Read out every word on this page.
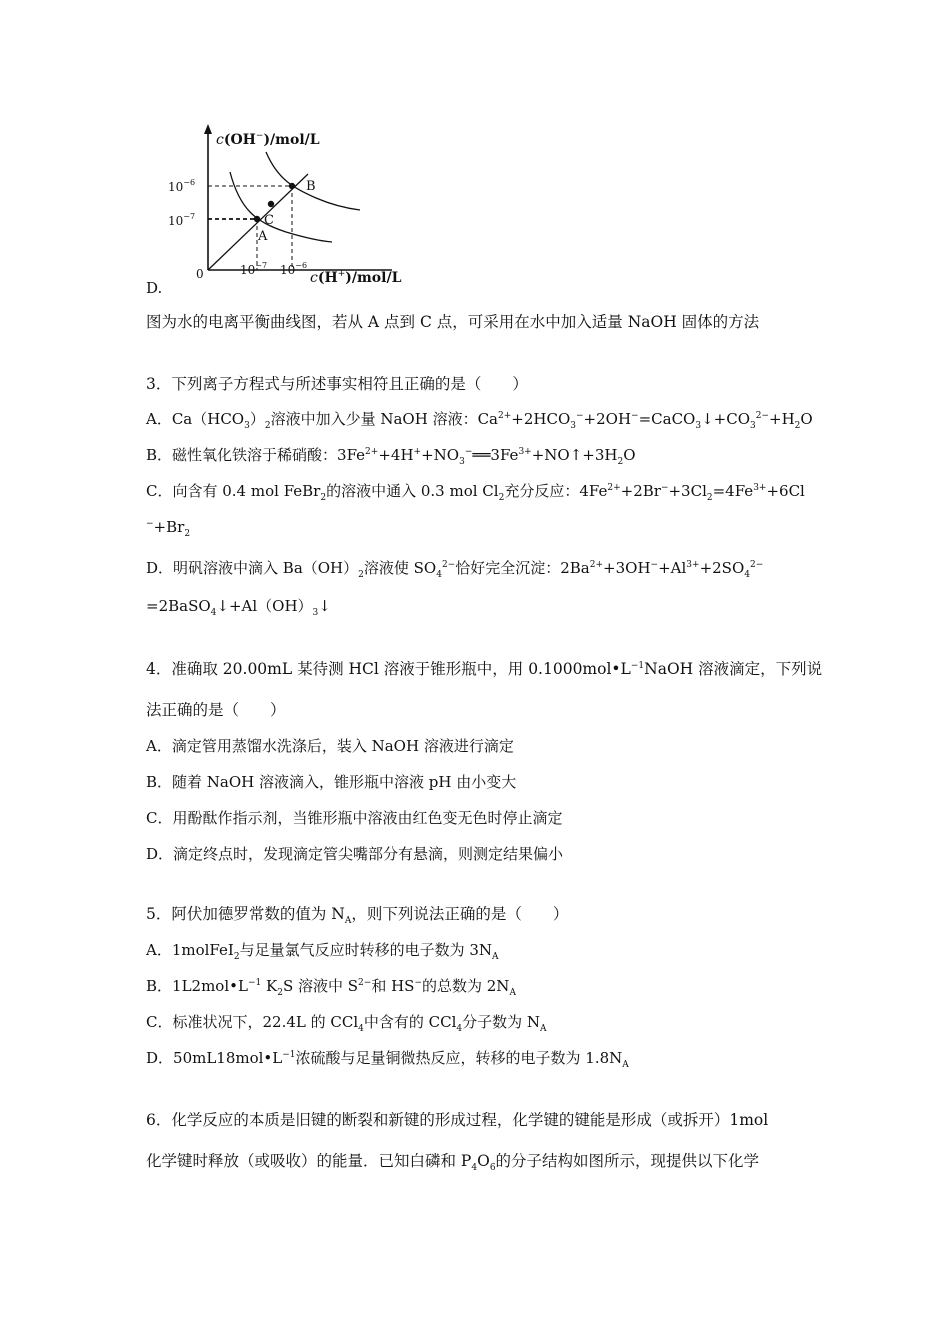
c(OH−)/mol/L
$10^{-6}$
$10^{-7}$
0	$10^{-7}$ $10^{-6}$
c(H+)/mol/L
A
B
C
D.
图为水的电离平衡曲线图，若从 A 点到 C 点，可采用在水中加入适量 NaOH 固体的方法
3．下列离子方程式与所述事实相符且正确的是（　　）
A．$Ca(HCO_3)_2$溶液中加入少量 NaOH 溶液：$Ca^{2+}+2HCO_3^-+2OH^-=CaCO_3↓+CO_3^{2-}+H_2O$
B．磁性氧化铁溶于稀硝酸：$3Fe^{2+}+4H^++NO_3^-══3Fe^{3+}+NO↑+3H_2O$
C．向含有 0.4 mol FeBr$_2$的溶液中通入 0.3 mol $Cl_2$充分反应：$4Fe^{2+}+2Br^-+3Cl_2=4Fe^{3+}+6Cl$
$^-+Br_2$
D．明矾溶液中滴入 $Ba(OH)_2$溶液使 $SO_4^{2-}$恰好完全沉淀：$2Ba^{2+}+3OH^-+Al^{3+}+2SO_4^{2-}$
$=2BaSO_4↓+Al(OH)_3↓$
4．准确取 20.00mL 某待测 HCl 溶液于锥形瓶中，用 $0.1000mol•L^{-1}NaOH$ 溶液滴定，下列说
法正确的是（　　）
A．滴定管用蒸馏水洗涤后，装入 NaOH 溶液进行滴定
B．随着 NaOH 溶液滴入，锥形瓶中溶液 pH 由小变大
C．用酚酞作指示剂，当锥形瓶中溶液由红色变无色时停止滴定
D．滴定终点时，发现滴定管尖嘴部分有悬滴，则测定结果偏小
5．阿伏加德罗常数的值为 $N_A$，则下列说法正确的是（　　）
A．1molFeI$_2$与足量氯气反应时转移的电子数为 $3N_A$
B．$1L2mol•L^{-1}$ $K_2S$ 溶液中 $S^{2-}$和 HS−的总数为 $2N_A$
C．标准状况下，22.4L 的 CCl$_4$中含有的 CCl$_4$分子数为 $N_A$
D．$50mL18mol•L^{-1}$浓硫酸与足量铜微热反应，转移的电子数为 $1.8N_A$
6．化学反应的本质是旧键的断裂和新键的形成过程，化学键的键能是形成（或拆开）1mol
化学键时释放（或吸收）的能量．已知白磷和 $P_4O_6$的分子结构如图所示，现提供以下化学
